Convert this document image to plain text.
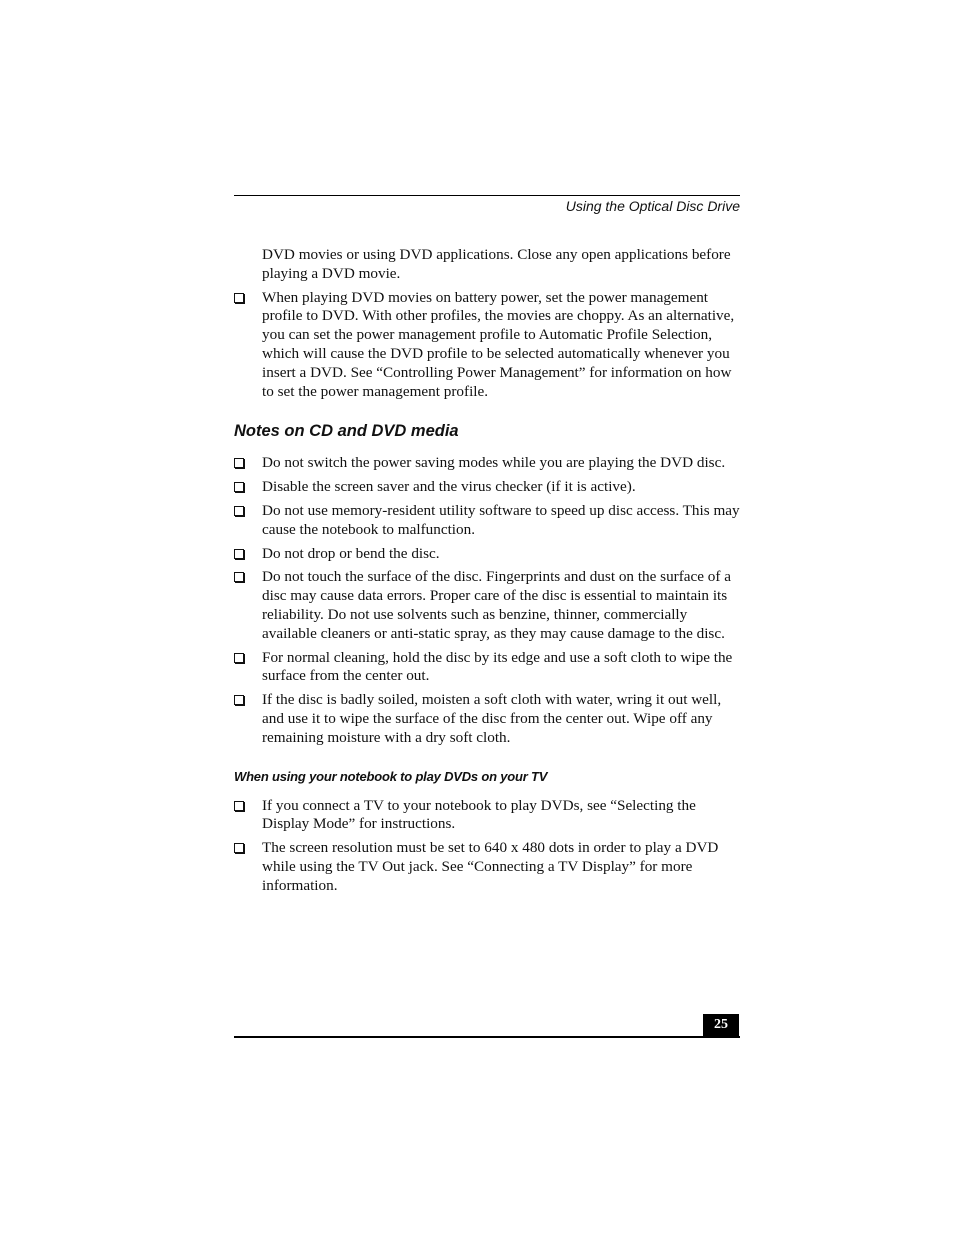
Using the Optical Disc Drive

DVD movies or using DVD applications. Close any open applications before playing a DVD movie.

When playing DVD movies on battery power, set the power management profile to DVD. With other profiles, the movies are choppy. As an alternative, you can set the power management profile to Automatic Profile Selection, which will cause the DVD profile to be selected automatically whenever you insert a DVD. See “Controlling Power Management” for information on how to set the power management profile.
Notes on CD and DVD media
Do not switch the power saving modes while you are playing the DVD disc.
Disable the screen saver and the virus checker (if it is active).
Do not use memory-resident utility software to speed up disc access. This may cause the notebook to malfunction.
Do not drop or bend the disc.
Do not touch the surface of the disc. Fingerprints and dust on the surface of a disc may cause data errors. Proper care of the disc is essential to maintain its reliability. Do not use solvents such as benzine, thinner, commercially available cleaners or anti-static spray, as they may cause damage to the disc.
For normal cleaning, hold the disc by its edge and use a soft cloth to wipe the surface from the center out.
If the disc is badly soiled, moisten a soft cloth with water, wring it out well, and use it to wipe the surface of the disc from the center out. Wipe off any remaining moisture with a dry soft cloth.
When using your notebook to play DVDs on your TV
If you connect a TV to your notebook to play DVDs, see “Selecting the Display Mode” for instructions.
The screen resolution must be set to 640 x 480 dots in order to play a DVD while using the TV Out jack. See “Connecting a TV Display” for more information.
25
